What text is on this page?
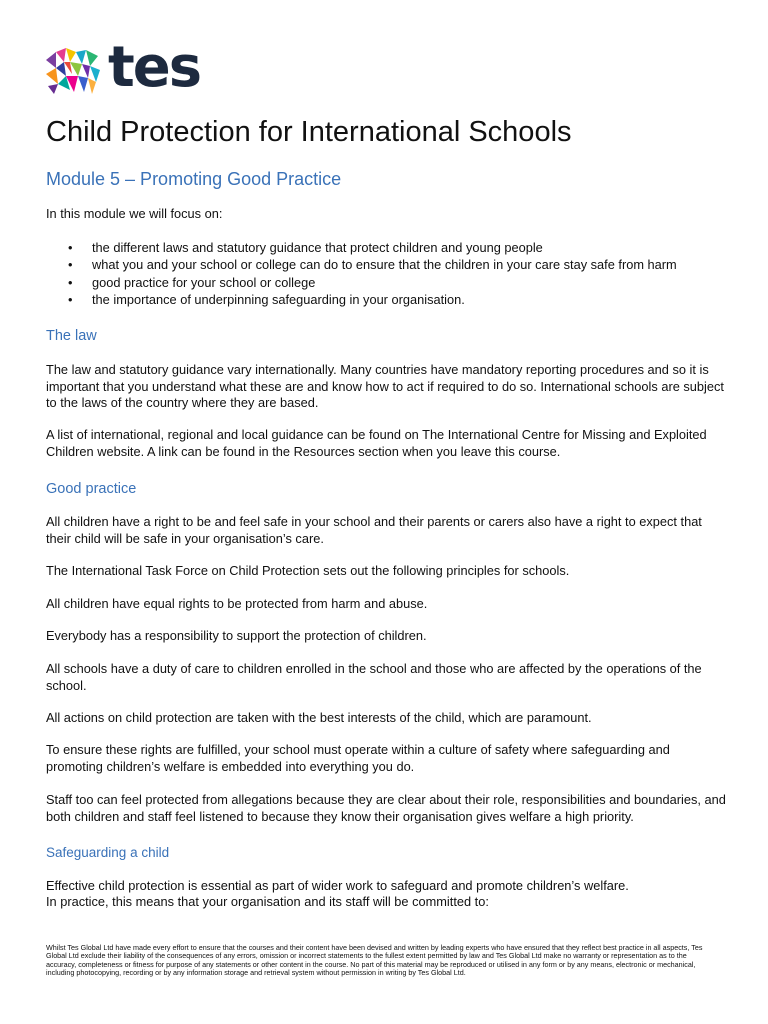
tes
Child Protection for International Schools
Module 5 – Promoting Good Practice

In this module we will focus on:

• the different laws and statutory guidance that protect children and young people
• what you and your school or college can do to ensure that the children in your care stay safe from harm
• good practice for your school or college
• the importance of underpinning safeguarding in your organisation.
The law

The law and statutory guidance vary internationally. Many countries have mandatory reporting procedures and so it is important that you understand what these are and know how to act if required to do so. International schools are subject to the laws of the country where they are based.

A list of international, regional and local guidance can be found on The International Centre for Missing and Exploited Children website. A link can be found in the Resources section when you leave this course.

Good practice

All children have a right to be and feel safe in your school and their parents or carers also have a right to expect that their child will be safe in your organisation’s care.

The International Task Force on Child Protection sets out the following principles for schools.

All children have equal rights to be protected from harm and abuse.

Everybody has a responsibility to support the protection of children.

All schools have a duty of care to children enrolled in the school and those who are affected by the operations of the school.

All actions on child protection are taken with the best interests of the child, which are paramount.

To ensure these rights are fulfilled, your school must operate within a culture of safety where safeguarding and promoting children’s welfare is embedded into everything you do.

Staff too can feel protected from allegations because they are clear about their role, responsibilities and boundaries, and both children and staff feel listened to because they know their organisation gives welfare a high priority.

Safeguarding a child

Effective child protection is essential as part of wider work to safeguard and promote children’s welfare.

In practice, this means that your organisation and its staff will be committed to:

Whilst Tes Global Ltd have made every effort to ensure that the courses and their content have been devised and written by leading experts who have ensured that they reflect best practice in all aspects, Tes Global Ltd exclude their liability of the consequences of any errors, omission or incorrect statements to the fullest extent permitted by law and Tes Global Ltd make no warranty or representation as to the accuracy, completeness or fitness for purpose of any statements or other content in the course. No part of this material may be reproduced or utilised in any form or by any means, electronic or mechanical, including photocopying, recording or by any information storage and retrieval system without permission in writing by Tes Global Ltd.
